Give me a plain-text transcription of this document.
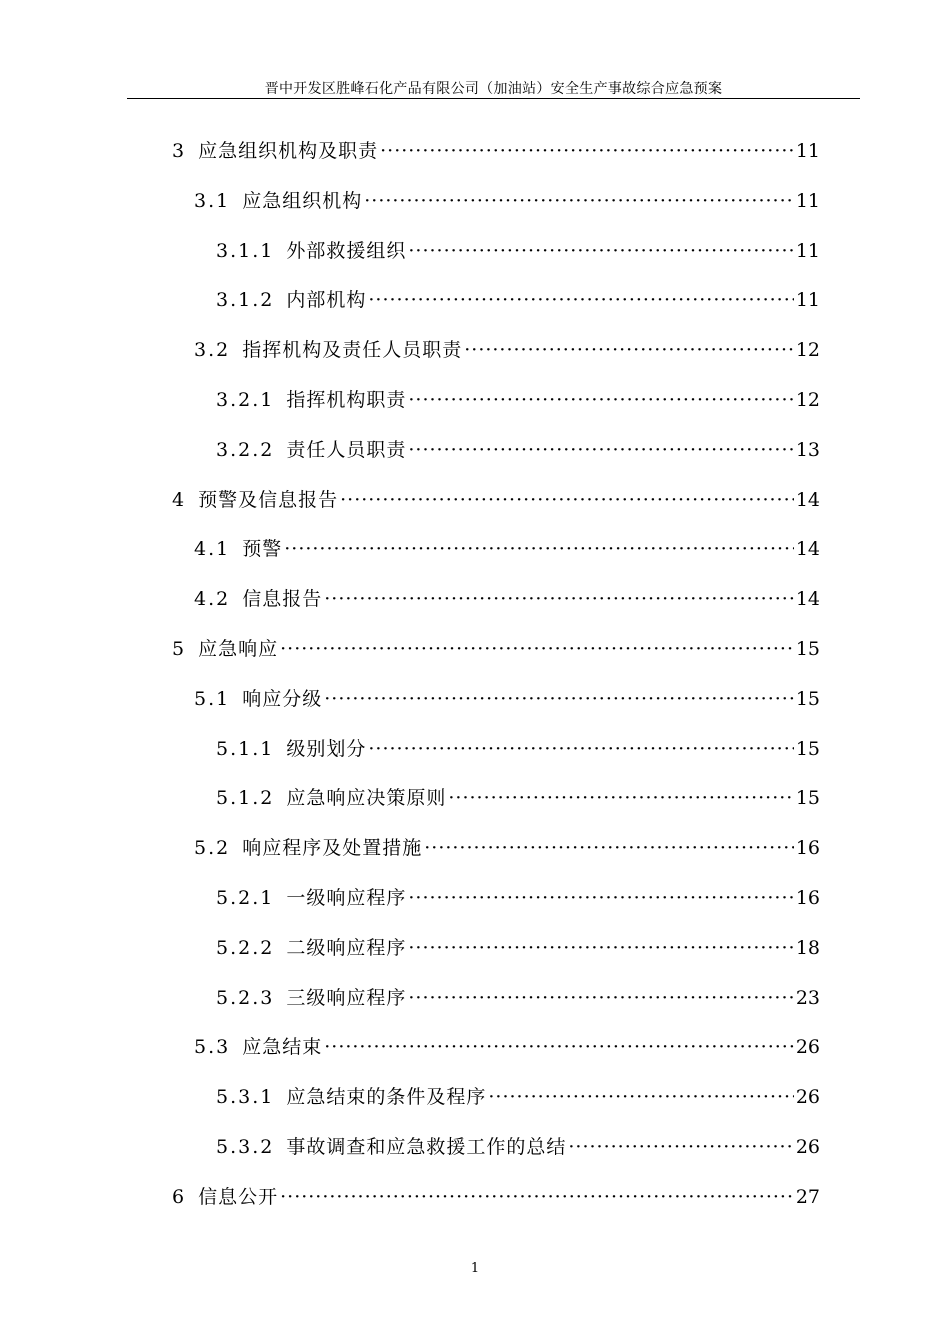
晋中开发区胜峰石化产品有限公司（加油站）安全生产事故综合应急预案
3 应急组织机构及职责 ·····	11
3.1 应急组织机构 ·····	11
3.1.1 外部救援组织 ·····	11
3.1.2 内部机构 ·····	11
3.2 指挥机构及责任人员职责 ·····	12
3.2.1 指挥机构职责 ·····	12
3.2.2 责任人员职责 ·····	13
4 预警及信息报告 ·····	14
4.1 预警 ·····	14
4.2 信息报告 ·····	14
5 应急响应 ·····	15
5.1 响应分级 ·····	15
5.1.1 级别划分 ·····	15
5.1.2 应急响应决策原则 ·····	15
5.2 响应程序及处置措施 ·····	16
5.2.1 一级响应程序 ·····	16
5.2.2 二级响应程序 ·····	18
5.2.3 三级响应程序 ·····	23
5.3 应急结束 ·····	26
5.3.1 应急结束的条件及程序 ·····	26
5.3.2 事故调查和应急救援工作的总结 ·····	26
6 信息公开 ·····	27
1
